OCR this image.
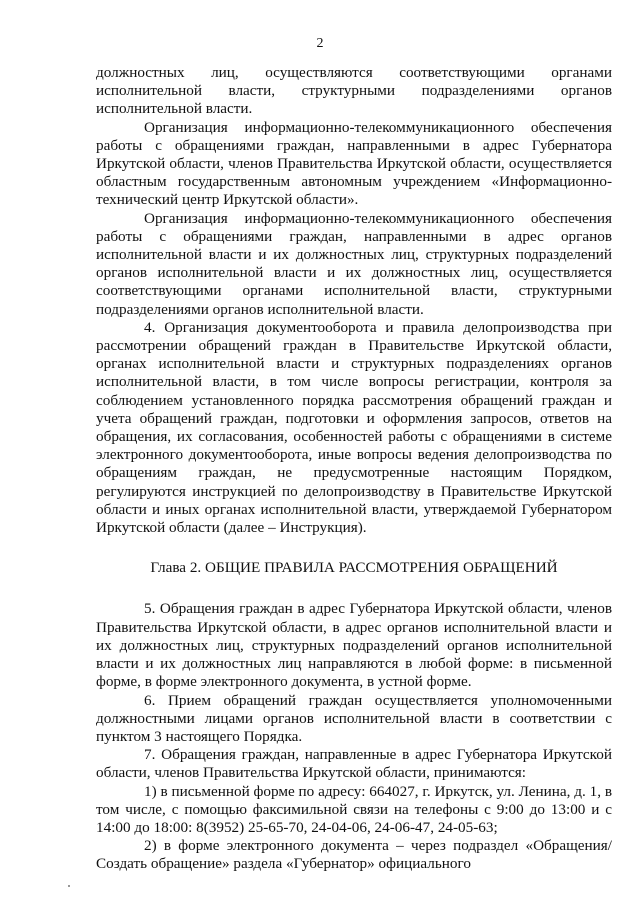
2

должностных лиц, осуществляются соответствующими органами исполнительной власти, структурными подразделениями органов исполнительной власти.

Организация информационно-телекоммуникационного обеспечения работы с обращениями граждан, направленными в адрес Губернатора Иркутской области, членов Правительства Иркутской области, осуществляется областным государственным автономным учреждением «Информационно-технический центр Иркутской области».

Организация информационно-телекоммуникационного обеспечения работы с обращениями граждан, направленными в адрес органов исполнительной власти и их должностных лиц, структурных подразделений органов исполнительной власти и их должностных лиц, осуществляется соответствующими органами исполнительной власти, структурными подразделениями органов исполнительной власти.

4. Организация документооборота и правила делопроизводства при рассмотрении обращений граждан в Правительстве Иркутской области, органах исполнительной власти и структурных подразделениях органов исполнительной власти, в том числе вопросы регистрации, контроля за соблюдением установленного порядка рассмотрения обращений граждан и учета обращений граждан, подготовки и оформления запросов, ответов на обращения, их согласования, особенностей работы с обращениями в системе электронного документооборота, иные вопросы ведения делопроизводства по обращениям граждан, не предусмотренные настоящим Порядком, регулируются инструкцией по делопроизводству в Правительстве Иркутской области и иных органах исполнительной власти, утверждаемой Губернатором Иркутской области (далее – Инструкция).

Глава 2. ОБЩИЕ ПРАВИЛА РАССМОТРЕНИЯ ОБРАЩЕНИЙ

5. Обращения граждан в адрес Губернатора Иркутской области, членов Правительства Иркутской области, в адрес органов исполнительной власти и их должностных лиц, структурных подразделений органов исполнительной власти и их должностных лиц направляются в любой форме: в письменной форме, в форме электронного документа, в устной форме.

6. Прием обращений граждан осуществляется уполномоченными должностными лицами органов исполнительной власти в соответствии с пунктом 3 настоящего Порядка.

7. Обращения граждан, направленные в адрес Губернатора Иркутской области, членов Правительства Иркутской области, принимаются:

1) в письменной форме по адресу: 664027, г. Иркутск, ул. Ленина, д. 1, в том числе, с помощью факсимильной связи на телефоны с 9:00 до 13:00 и с 14:00 до 18:00: 8(3952) 25-65-70, 24-04-06, 24-06-47, 24-05-63;

2) в форме электронного документа – через подраздел «Обращения/Создать обращение» раздела «Губернатор» официального
